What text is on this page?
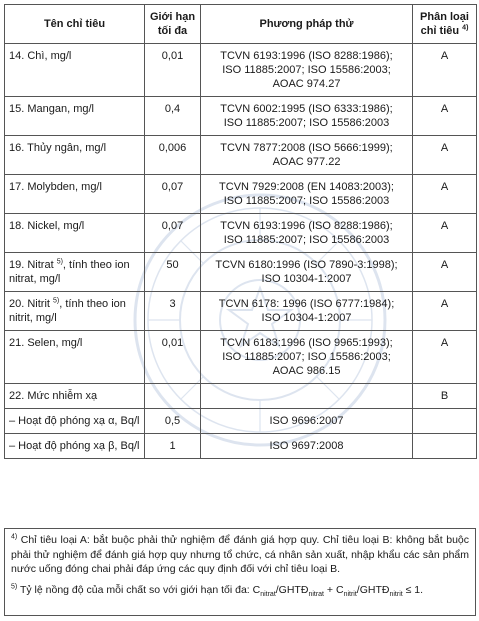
Tên chỉ tiêu	Giới hạn
tối đa	Phương pháp thử	Phân loại
chỉ tiêu $^{4)}$
14. Chì, mg/l	0,01	TCVN 6193:1996 (ISO 8288:1986);
ISO 11885:2007; ISO 15586:2003;
AOAC 974.27	A
15. Mangan, mg/l	0,4	TCVN 6002:1995 (ISO 6333:1986);
ISO 11885:2007; ISO 15586:2003	A
16. Thủy ngân, mg/l	0,006	TCVN 7877:2008 (ISO 5666:1999);
AOAC 977.22	A
17. Molybden, mg/l	0,07	TCVN 7929:2008 (EN 14083:2003);
ISO 11885:2007; ISO 15586:2003	A
18. Nickel, mg/l	0,07	TCVN 6193:1996 (ISO 8288:1986);
ISO 11885:2007; ISO 15586:2003	A
19. Nitrat $^{5)}$, tính theo ion nitrat, mg/l	50	TCVN 6180:1996 (ISO 7890-3:1998);
ISO 10304-1:2007	A
20. Nitrit $^{5)}$, tính theo ion nitrit, mg/l	3	TCVN 6178: 1996 (ISO 6777:1984);
ISO 10304-1:2007	A
21. Selen, mg/l	0,01	TCVN 6183:1996 (ISO 9965:1993);
ISO 11885:2007; ISO 15586:2003;
AOAC 986.15	A
22. Mức nhiễm xạ			B
– Hoạt độ phóng xạ α, Bq/l	0,5	ISO 9696:2007	

– Hoạt độ phóng xạ β, Bq/l	1	ISO 9697:2008	

$^{4)}$ Chỉ tiêu loại A: bắt buộc phải thử nghiệm để đánh giá hợp quy. Chỉ tiêu loại B: không bắt buộc phải thử nghiệm để đánh giá hợp quy nhưng tổ chức, cá nhân sản xuất, nhập khẩu các sản phẩm nước uống đóng chai phải đáp ứng các quy định đối với chỉ tiêu loại B.

$^{5)}$ Tỷ lệ nồng độ của mỗi chất so với giới hạn tối đa: $C_{nitrat}/GHTĐ_{nitrat}$ + $C_{nitrit}/GHTĐ_{nitrit} \le 1$.
